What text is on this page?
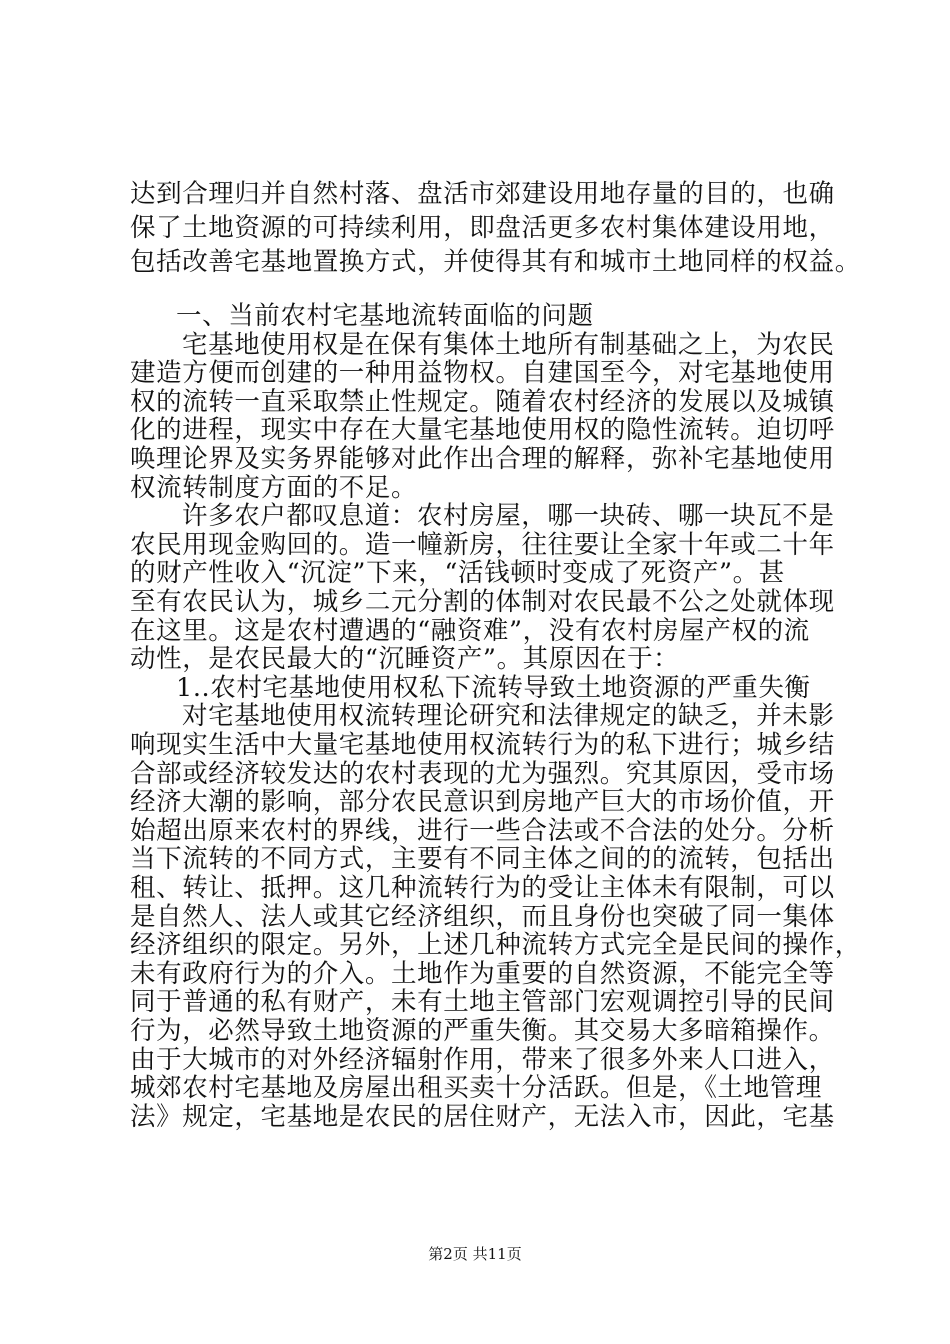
达到合理归并自然村落、盘活市郊建设用地存量的目的，也确
保了土地资源的可持续利用，即盘活更多农村集体建设用地，
包括改善宅基地置换方式，并使得其有和城市土地同样的权益。
一、当前农村宅基地流转面临的问题
宅基地使用权是在保有集体土地所有制基础之上，为农民
建造方便而创建的一种用益物权。自建国至今，对宅基地使用
权的流转一直采取禁止性规定。随着农村经济的发展以及城镇
化的进程，现实中存在大量宅基地使用权的隐性流转。迫切呼
唤理论界及实务界能够对此作出合理的解释，弥补宅基地使用
权流转制度方面的不足。
许多农户都叹息道：农村房屋，哪一块砖、哪一块瓦不是
农民用现金购回的。造一幢新房，往往要让全家十年或二十年
的财产性收入“沉淀”下来，“活钱顿时变成了死资产”。甚
至有农民认为，城乡二元分割的体制对农民最不公之处就体现
在这里。这是农村遭遇的“融资难”，没有农村房屋产权的流
动性，是农民最大的“沉睡资产”。其原因在于：
1..农村宅基地使用权私下流转导致土地资源的严重失衡
对宅基地使用权流转理论研究和法律规定的缺乏，并未影
响现实生活中大量宅基地使用权流转行为的私下进行；城乡结
合部或经济较发达的农村表现的尤为强烈。究其原因，受市场
经济大潮的影响，部分农民意识到房地产巨大的市场价值，开
始超出原来农村的界线，进行一些合法或不合法的处分。分析
当下流转的不同方式，主要有不同主体之间的的流转，包括出
租、转让、抵押。这几种流转行为的受让主体未有限制，可以
是自然人、法人或其它经济组织，而且身份也突破了同一集体
经济组织的限定。另外，上述几种流转方式完全是民间的操作，
未有政府行为的介入。土地作为重要的自然资源，不能完全等
同于普通的私有财产，未有土地主管部门宏观调控引导的民间
行为，必然导致土地资源的严重失衡。其交易大多暗箱操作。
由于大城市的对外经济辐射作用，带来了很多外来人口进入，
城郊农村宅基地及房屋出租买卖十分活跃。但是，《土地管理
法》规定，宅基地是农民的居住财产，无法入市，因此，宅基
第2页 共11页
